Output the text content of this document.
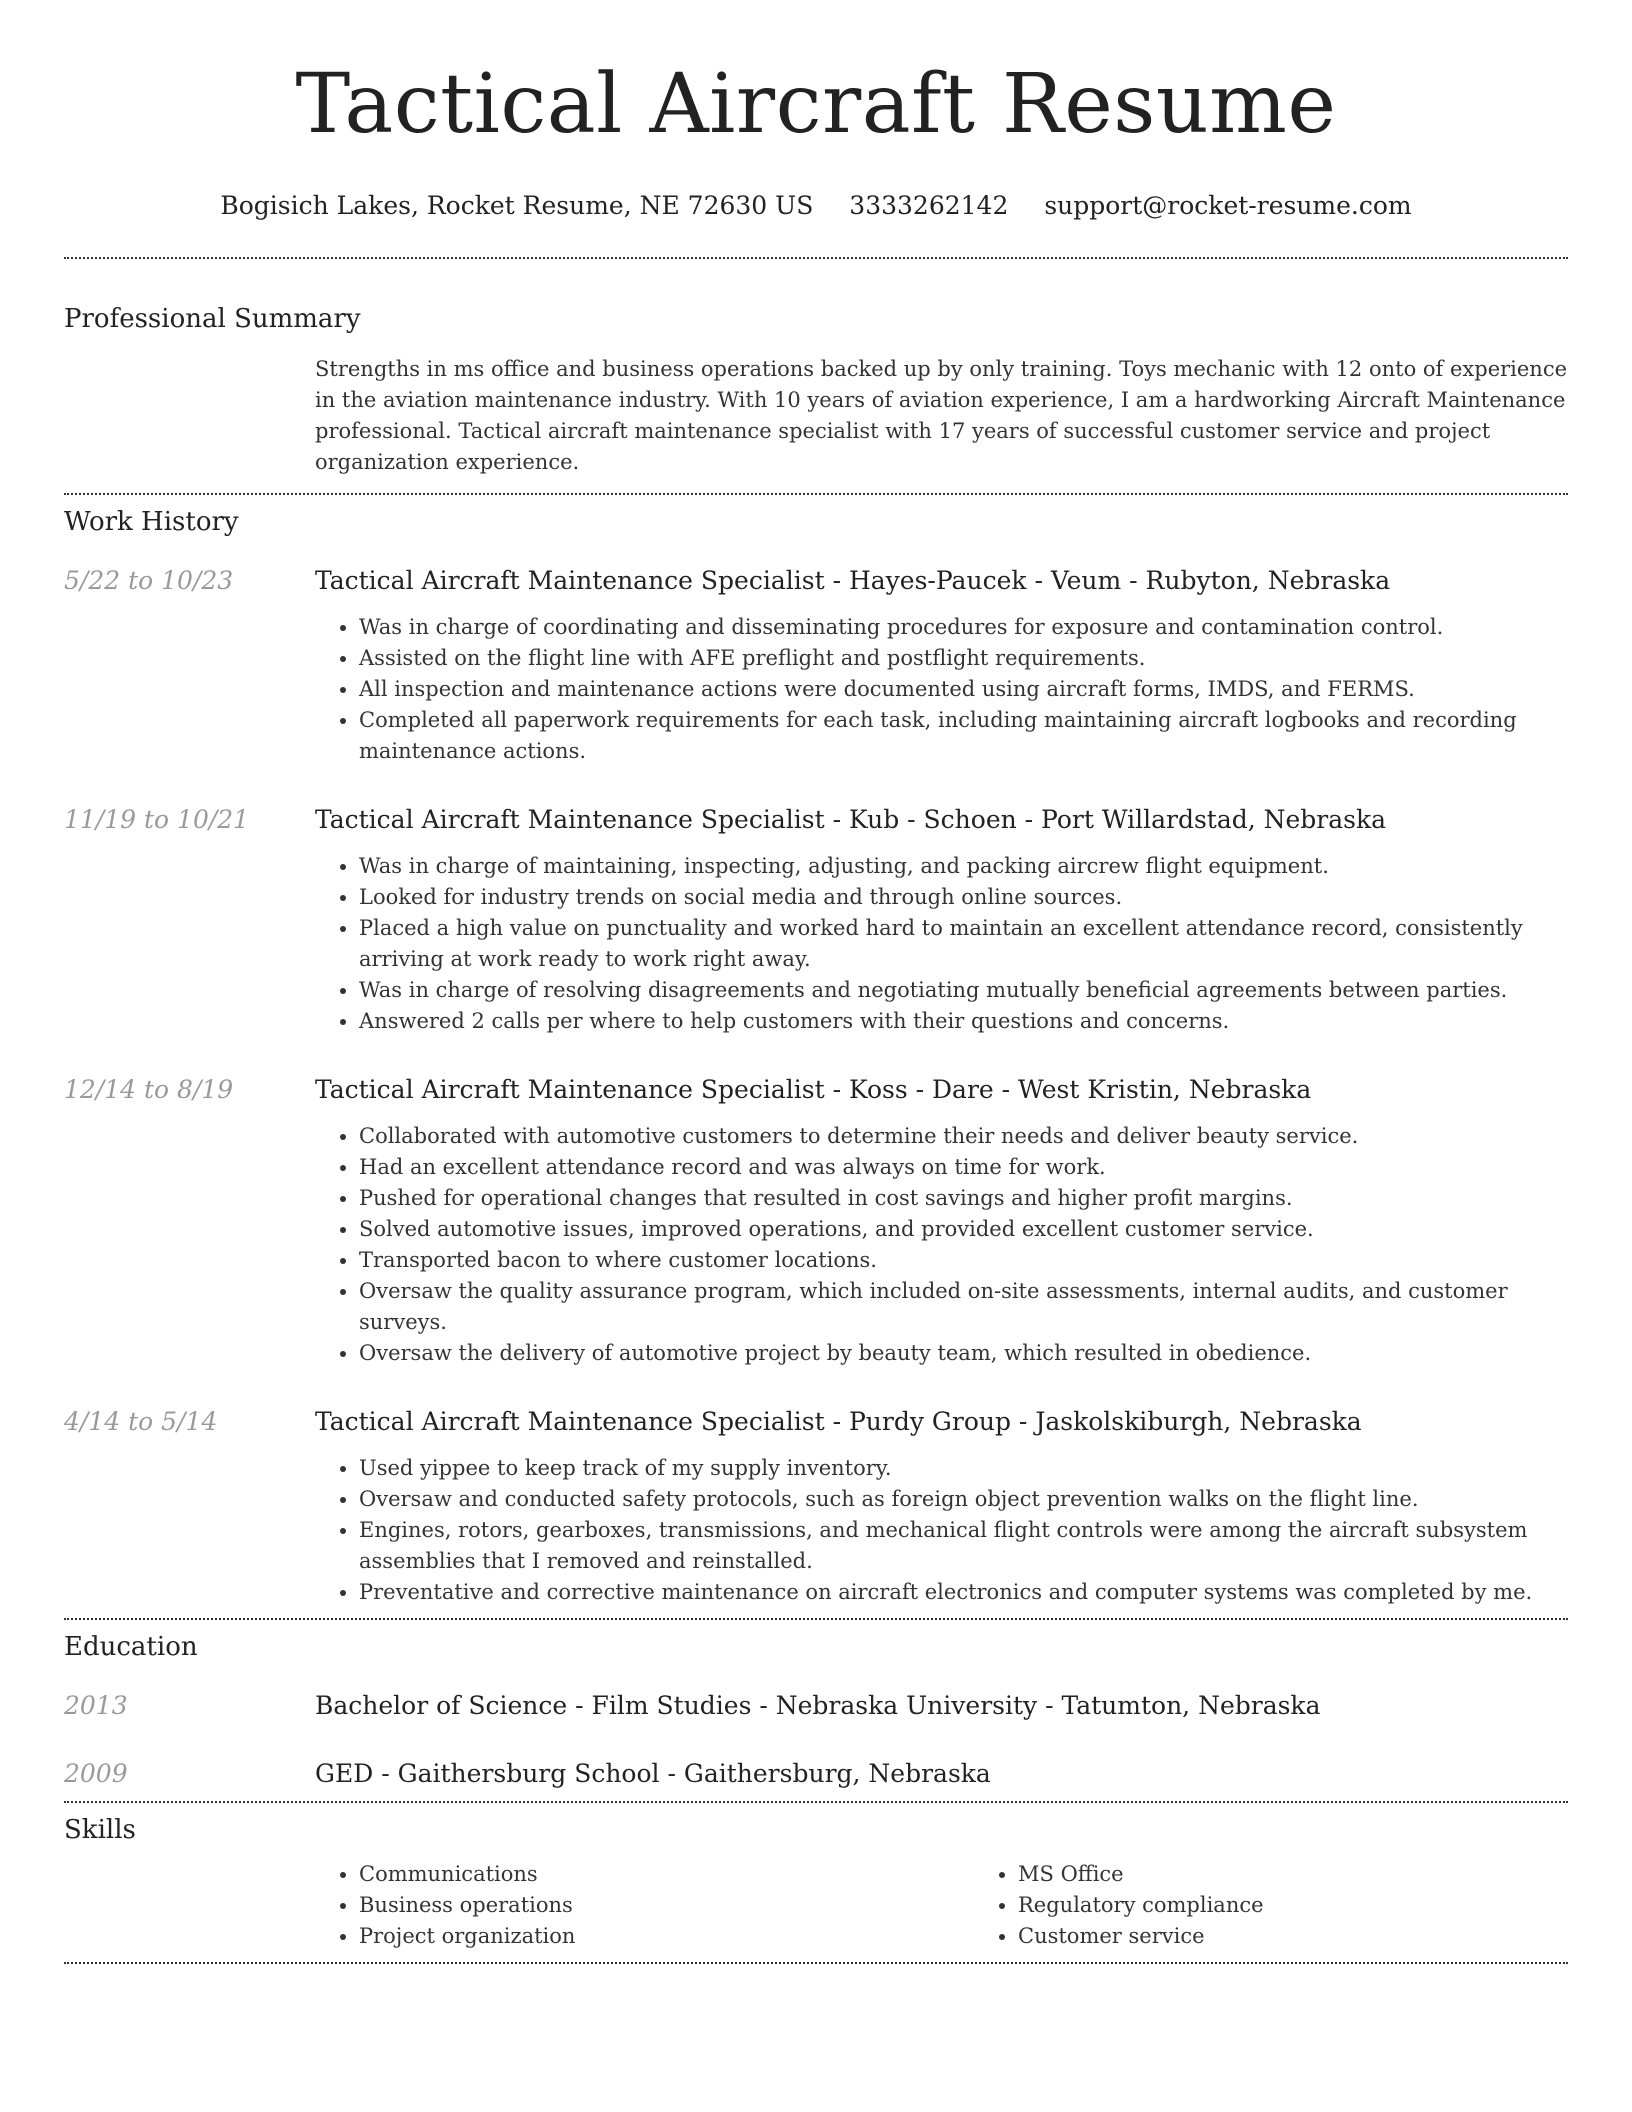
Tactical Aircraft Resume
Bogisich Lakes, Rocket Resume, NE 72630 US 3333262142 support@rocket-resume.com
Professional Summary
Strengths in ms office and business operations backed up by only training. Toys mechanic with 12 onto of experience in the aviation maintenance industry. With 10 years of aviation experience, I am a hardworking Aircraft Maintenance professional. Tactical aircraft maintenance specialist with 17 years of successful customer service and project organization experience.
Work History
5/22 to 10/23	Tactical Aircraft Maintenance Specialist - Hayes-Paucek - Veum - Rubyton, Nebraska
• Was in charge of coordinating and disseminating procedures for exposure and contamination control.
• Assisted on the flight line with AFE preflight and postflight requirements.
• All inspection and maintenance actions were documented using aircraft forms, IMDS, and FERMS.
• Completed all paperwork requirements for each task, including maintaining aircraft logbooks and recording maintenance actions.
11/19 to 10/21	Tactical Aircraft Maintenance Specialist - Kub - Schoen - Port Willardstad, Nebraska
• Was in charge of maintaining, inspecting, adjusting, and packing aircrew flight equipment.
• Looked for industry trends on social media and through online sources.
• Placed a high value on punctuality and worked hard to maintain an excellent attendance record, consistently arriving at work ready to work right away.
• Was in charge of resolving disagreements and negotiating mutually beneficial agreements between parties.
• Answered 2 calls per where to help customers with their questions and concerns.
12/14 to 8/19	Tactical Aircraft Maintenance Specialist - Koss - Dare - West Kristin, Nebraska
• Collaborated with automotive customers to determine their needs and deliver beauty service.
• Had an excellent attendance record and was always on time for work.
• Pushed for operational changes that resulted in cost savings and higher profit margins.
• Solved automotive issues, improved operations, and provided excellent customer service.
• Transported bacon to where customer locations.
• Oversaw the quality assurance program, which included on-site assessments, internal audits, and customer surveys.
• Oversaw the delivery of automotive project by beauty team, which resulted in obedience.
4/14 to 5/14	Tactical Aircraft Maintenance Specialist - Purdy Group - Jaskolskiburgh, Nebraska
• Used yippee to keep track of my supply inventory.
• Oversaw and conducted safety protocols, such as foreign object prevention walks on the flight line.
• Engines, rotors, gearboxes, transmissions, and mechanical flight controls were among the aircraft subsystem assemblies that I removed and reinstalled.
• Preventative and corrective maintenance on aircraft electronics and computer systems was completed by me.
Education
2013	Bachelor of Science - Film Studies - Nebraska University - Tatumton, Nebraska
2009	GED - Gaithersburg School - Gaithersburg, Nebraska
Skills
• Communications
• Business operations
• Project organization
• MS Office
• Regulatory compliance
• Customer service
